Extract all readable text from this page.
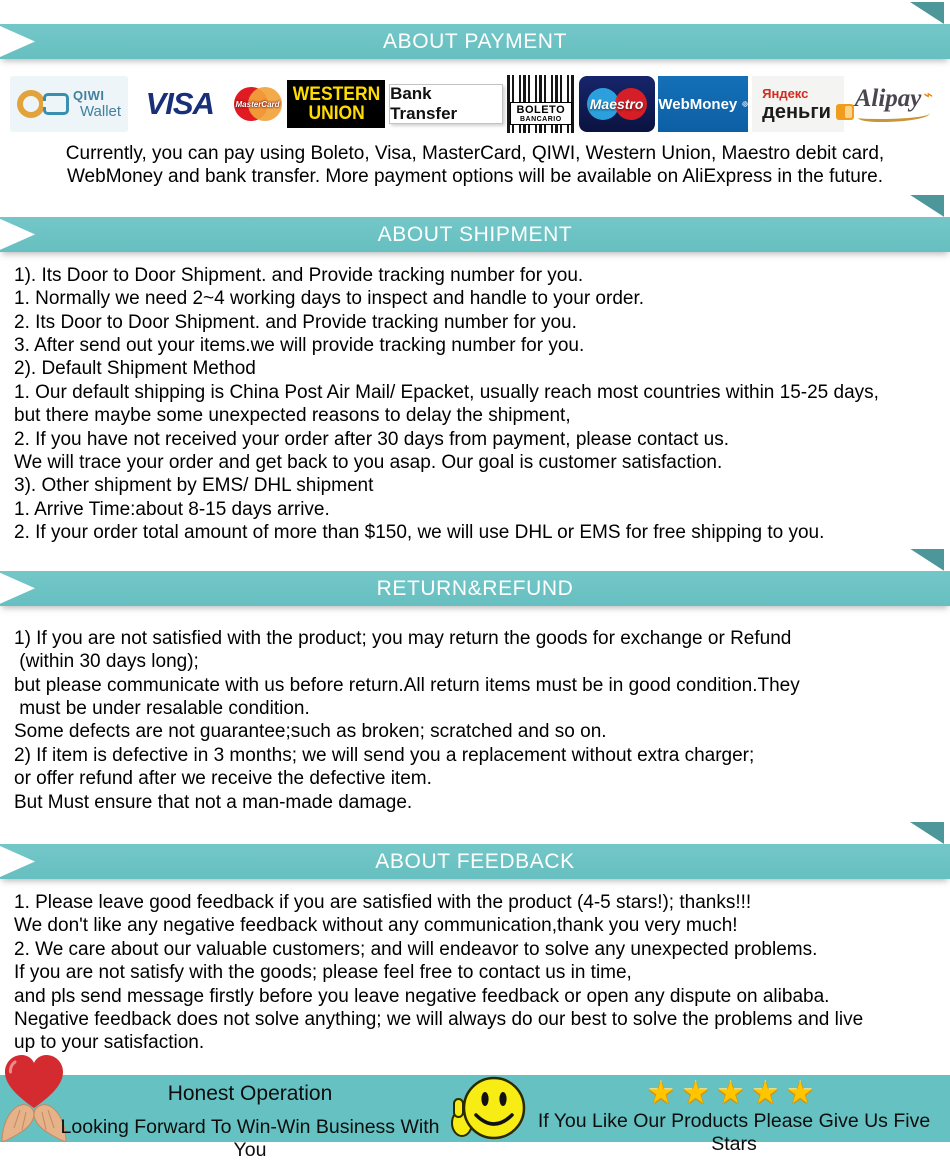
ABOUT PAYMENT
QIWI
Wallet VISA	MasterCard WESTERN
UNION
Bank Transfer	BOLETO
BANCARIO
Maestro WebMoney
Яндекс
деньги Alipay ⌁
Currently, you can pay using Boleto, Visa, MasterCard, QIWI, Western Union, Maestro debit card,
WebMoney and bank transfer. More payment options will be available on AliExpress in the future.
ABOUT SHIPMENT
1). Its Door to Door Shipment. and Provide tracking number for you.
1. Normally we need 2~4 working days to inspect and handle to your order.
2. Its Door to Door Shipment. and Provide tracking number for you.
3. After send out your items.we will provide tracking number for you.
2). Default Shipment Method
1. Our default shipping is China Post Air Mail/ Epacket, usually reach most countries within 15-25 days,
but there maybe some unexpected reasons to delay the shipment,
2. If you have not received your order after 30 days from payment, please contact us.
We will trace your order and get back to you asap. Our goal is customer satisfaction.
3). Other shipment by EMS/ DHL shipment
1. Arrive Time:about 8-15 days arrive.
2. If your order total amount of more than $150, we will use DHL or EMS for free shipping to you.
RETURN&REFUND
1) If you are not satisfied with the product; you may return the goods for exchange or Refund
(within 30 days long);
but please communicate with us before return.All return items must be in good condition.They
must be under resalable condition.
Some defects are not guarantee;such as broken; scratched and so on.
2) If item is defective in 3 months; we will send you a replacement without extra charger;
or offer refund after we receive the defective item.
But Must ensure that not a man-made damage.
ABOUT FEEDBACK
1. Please leave good feedback if you are satisfied with the product (4-5 stars!); thanks!!!
We don't like any negative feedback without any communication,thank you very much!
2. We care about our valuable customers; and will endeavor to solve any unexpected problems.
If you are not satisfy with the goods; please feel free to contact us in time,
and pls send message firstly before you leave negative feedback or open any dispute on alibaba.
Negative feedback does not solve anything; we will always do our best to solve the problems and live
up to your satisfaction.
Honest Operation
Looking Forward To Win-Win Business With You
★★★★★
If You Like Our Products Please Give Us Five Stars
